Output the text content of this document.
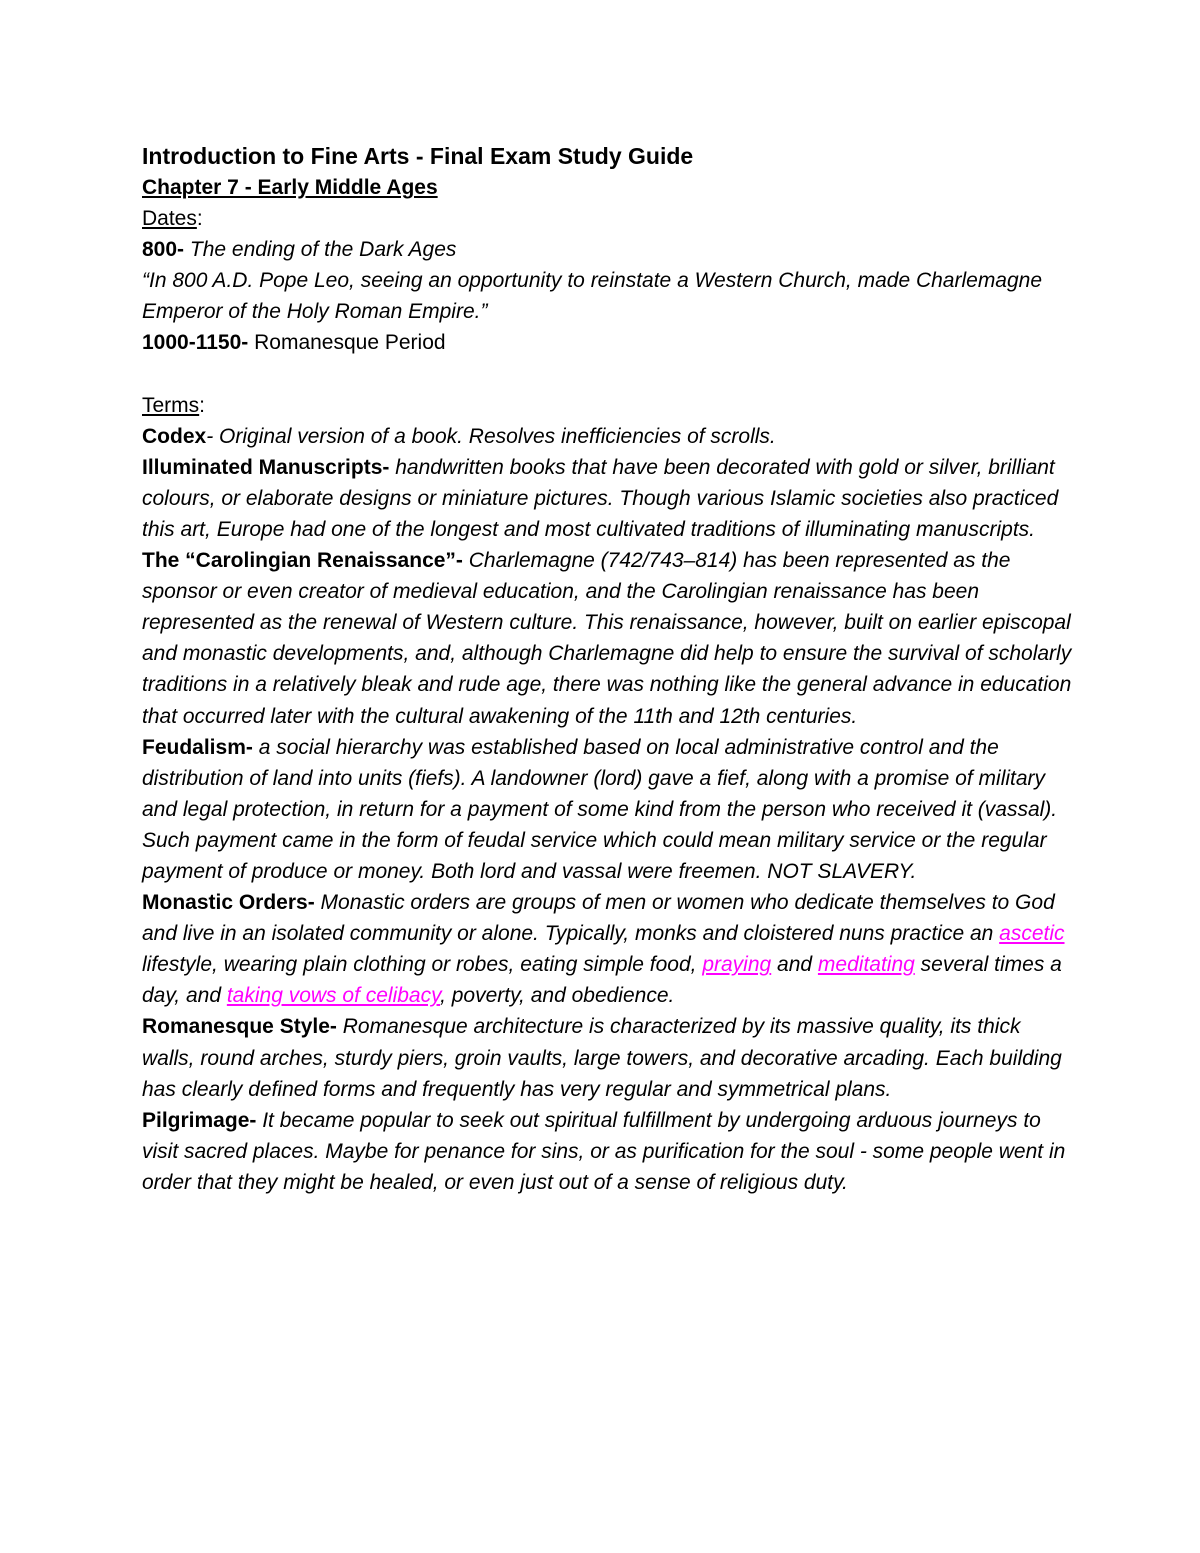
Introduction to Fine Arts - Final Exam Study Guide
Chapter 7 - Early Middle Ages
Dates:

800- The ending of the Dark Ages

“In 800 A.D. Pope Leo, seeing an opportunity to reinstate a Western Church, made Charlemagne Emperor of the Holy Roman Empire.”

1000-1150- Romanesque Period

Terms:

Codex- Original version of a book. Resolves inefficiencies of scrolls.

Illuminated Manuscripts- handwritten books that have been decorated with gold or silver, brilliant colours, or elaborate designs or miniature pictures. Though various Islamic societies also practiced this art, Europe had one of the longest and most cultivated traditions of illuminating manuscripts.

The “Carolingian Renaissance”- Charlemagne (742/743–814) has been represented as the sponsor or even creator of medieval education, and the Carolingian renaissance has been represented as the renewal of Western culture. This renaissance, however, built on earlier episcopal and monastic developments, and, although Charlemagne did help to ensure the survival of scholarly traditions in a relatively bleak and rude age, there was nothing like the general advance in education that occurred later with the cultural awakening of the 11th and 12th centuries.

Feudalism- a social hierarchy was established based on local administrative control and the distribution of land into units (fiefs). A landowner (lord) gave a fief, along with a promise of military and legal protection, in return for a payment of some kind from the person who received it (vassal). Such payment came in the form of feudal service which could mean military service or the regular payment of produce or money. Both lord and vassal were freemen. NOT SLAVERY.

Monastic Orders- Monastic orders are groups of men or women who dedicate themselves to God and live in an isolated community or alone. Typically, monks and cloistered nuns practice an ascetic lifestyle, wearing plain clothing or robes, eating simple food, praying and meditating several times a day, and taking vows of celibacy, poverty, and obedience.

Romanesque Style- Romanesque architecture is characterized by its massive quality, its thick walls, round arches, sturdy piers, groin vaults, large towers, and decorative arcading. Each building has clearly defined forms and frequently has very regular and symmetrical plans.

Pilgrimage- It became popular to seek out spiritual fulfillment by undergoing arduous journeys to visit sacred places. Maybe for penance for sins, or as purification for the soul - some people went in order that they might be healed, or even just out of a sense of religious duty.
